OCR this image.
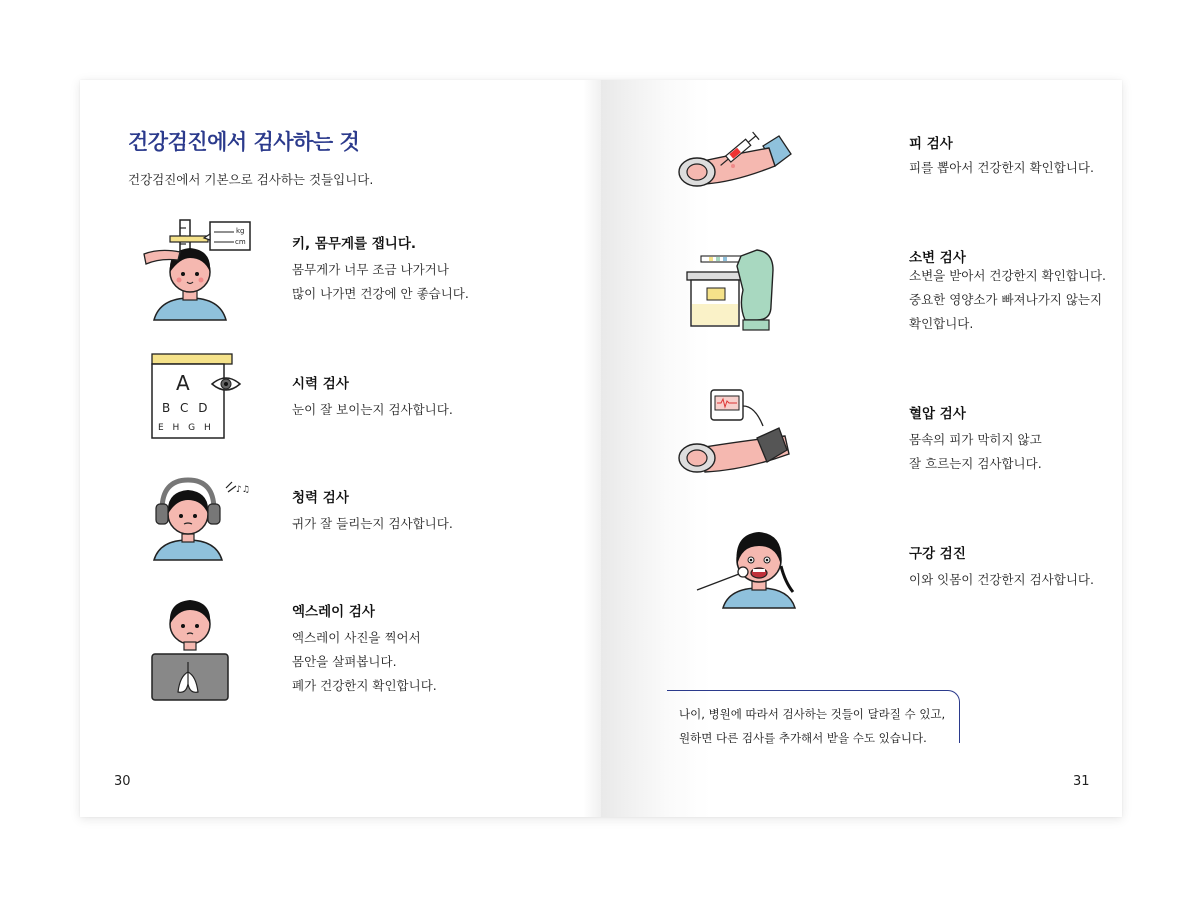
건강검진에서 검사하는 것
건강검진에서 기본으로 검사하는 것들입니다.
kg
cm	키, 몸무게를 잽니다.
몸무게가 너무 조금 나가거나
많이 나가면 건강에 안 좋습니다.
A
B C D
E H G H
시력 검사
눈이 잘 보이는지 검사합니다.
♪♫	청력 검사
귀가 잘 들리는지 검사합니다.
엑스레이 검사
엑스레이 사진을 찍어서
몸안을 살펴봅니다.
폐가 건강한지 확인합니다.
30
피 검사
피를 뽑아서 건강한지 확인합니다.
소변 검사
소변을 받아서 건강한지 확인합니다.
중요한 영양소가 빠져나가지 않는지
확인합니다.
혈압 검사
몸속의 피가 막히지 않고
잘 흐르는지 검사합니다.
구강 검진
이와 잇몸이 건강한지 검사합니다.
나이, 병원에 따라서 검사하는 것들이 달라질 수 있고,
원하면 다른 검사를 추가해서 받을 수도 있습니다.
31
